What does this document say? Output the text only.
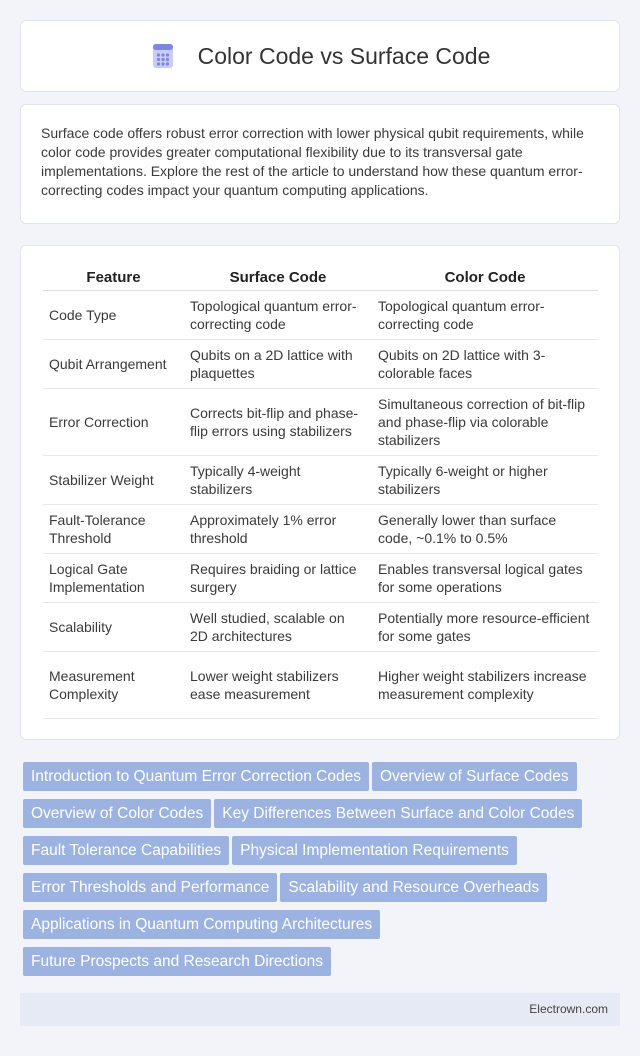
Color Code vs Surface Code

Surface code offers robust error correction with lower physical qubit requirements, while color code provides greater computational flexibility due to its transversal gate implementations. Explore the rest of the article to understand how these quantum error-correcting codes impact your quantum computing applications.

Feature	Surface Code	Color Code
Code Type	Topological quantum error-correcting code	Topological quantum error-correcting code
Qubit Arrangement	Qubits on a 2D lattice with plaquettes	Qubits on 2D lattice with 3-colorable faces
Error Correction	Corrects bit-flip and phase-flip errors using stabilizers	Simultaneous correction of bit-flip and phase-flip via colorable stabilizers
Stabilizer Weight	Typically 4-weight stabilizers	Typically 6-weight or higher stabilizers
Fault-Tolerance Threshold	Approximately 1% error threshold	Generally lower than surface code, ~0.1% to 0.5%
Logical Gate Implementation	Requires braiding or lattice surgery	Enables transversal logical gates for some operations
Scalability	Well studied, scalable on 2D architectures	Potentially more resource-efficient for some gates
Measurement Complexity	Lower weight stabilizers ease measurement	Higher weight stabilizers increase measurement complexity
Introduction to Quantum Error Correction Codes Overview of Surface CodesOverview of Color Codes Key Differences Between Surface and Color CodesFault Tolerance Capabilities Physical Implementation RequirementsError Thresholds and Performance Scalability and Resource OverheadsApplications in Quantum Computing ArchitecturesFuture Prospects and Research Directions
Electrown.com
